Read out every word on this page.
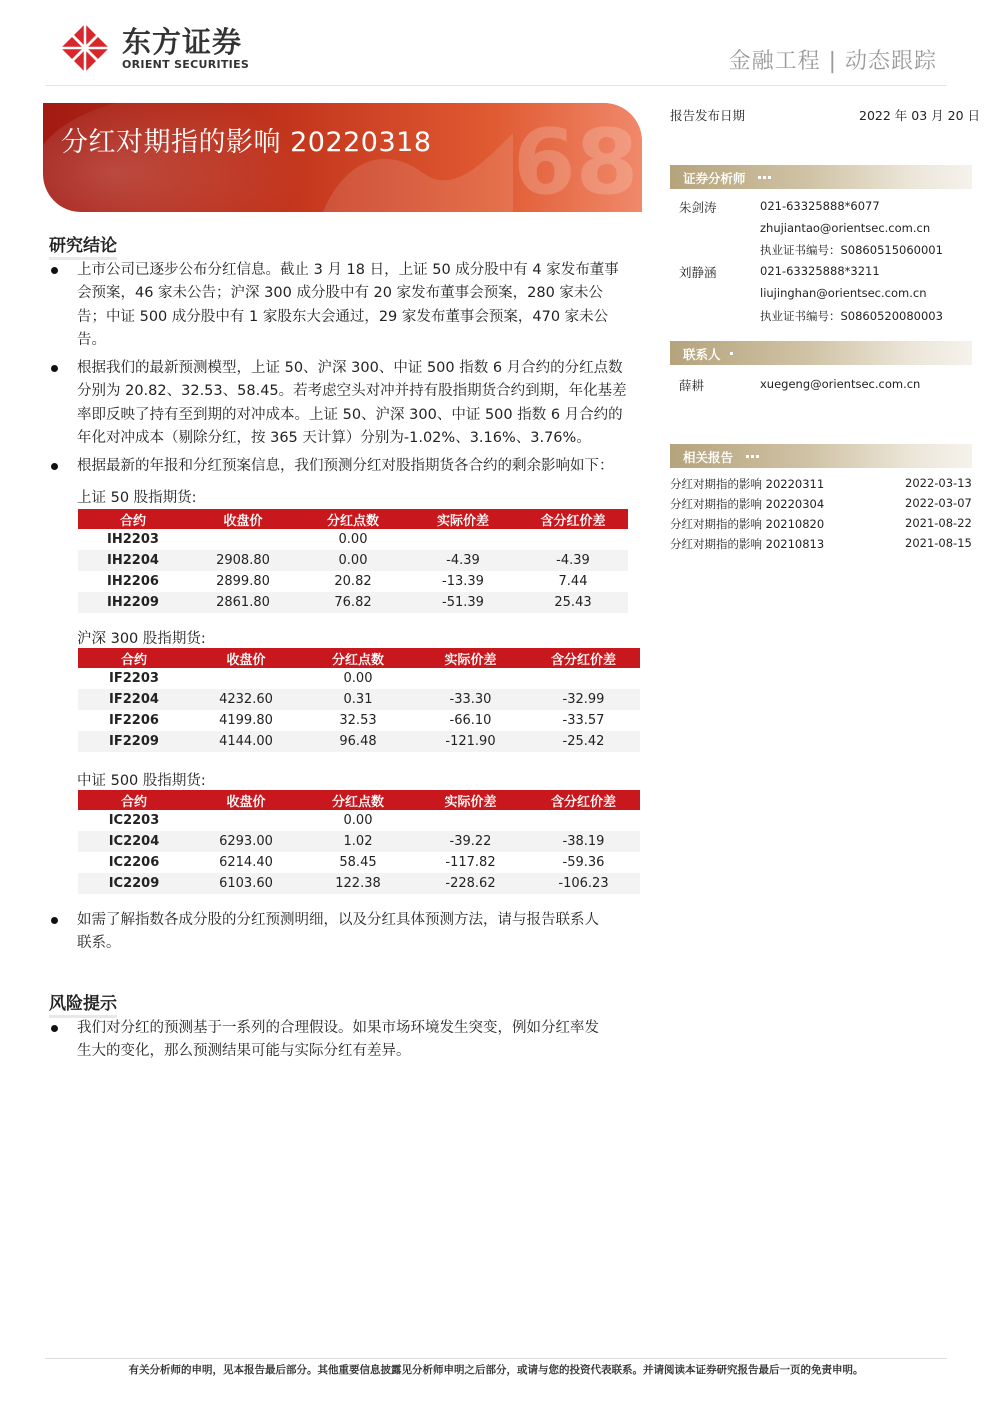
东方证券
ORIENT SECURITIES	金融工程 | 动态跟踪
68
分红对期指的影响 20220318
报告发布日期	2022 年 03 月 20 日
证券分析师
朱剑涛	021-63325888*6077
zhujiantao@orientsec.com.cn
执业证书编号：S0860515060001
刘静涵	021-63325888*3211
liujinghan@orientsec.com.cn
执业证书编号：S0860520080003
联系人
薛耕	xuegeng@orientsec.com.cn
相关报告
分红对期指的影响 20220311	2022-03-13
分红对期指的影响 20220304	2022-03-07
分红对期指的影响 20210820	2021-08-22
分红对期指的影响 20210813	2021-08-15
研究结论
上市公司已逐步公布分红信息。截止 3 月 18 日，上证 50 成分股中有 4 家发布董事
会预案，46 家未公告；沪深 300 成分股中有 20 家发布董事会预案，280 家未公
告；中证 500 成分股中有 1 家股东大会通过，29 家发布董事会预案，470 家未公
告。
根据我们的最新预测模型，上证 50、沪深 300、中证 500 指数 6 月合约的分红点数
分别为 20.82、32.53、58.45。若考虑空头对冲并持有股指期货合约到期，年化基差
率即反映了持有至到期的对冲成本。上证 50、沪深 300、中证 500 指数 6 月合约的
年化对冲成本（剔除分红，按 365 天计算）分别为-1.02%、3.16%、3.76%。
根据最新的年报和分红预案信息，我们预测分红对股指期货各合约的剩余影响如下：
上证 50 股指期货:
合约	收盘价	分红点数	实际价差	含分红价差
IH2203		0.00		
IH2204	2908.80	0.00	-4.39	-4.39
IH2206	2899.80	20.82	-13.39	7.44
IH2209	2861.80	76.82	-51.39	25.43
沪深 300 股指期货:
合约	收盘价	分红点数	实际价差	含分红价差
IF2203		0.00		
IF2204	4232.60	0.31	-33.30	-32.99
IF2206	4199.80	32.53	-66.10	-33.57
IF2209	4144.00	96.48	-121.90	-25.42
中证 500 股指期货:
合约	收盘价	分红点数	实际价差	含分红价差
IC2203		0.00		
IC2204	6293.00	1.02	-39.22	-38.19
IC2206	6214.40	58.45	-117.82	-59.36
IC2209	6103.60	122.38	-228.62	-106.23
如需了解指数各成分股的分红预测明细，以及分红具体预测方法，请与报告联系人
联系。
风险提示
我们对分红的预测基于一系列的合理假设。如果市场环境发生突变，例如分红率发
生大的变化，那么预测结果可能与实际分红有差异。
有关分析师的申明，见本报告最后部分。其他重要信息披露见分析师申明之后部分，或请与您的投资代表联系。并请阅读本证券研究报告最后一页的免责申明。
